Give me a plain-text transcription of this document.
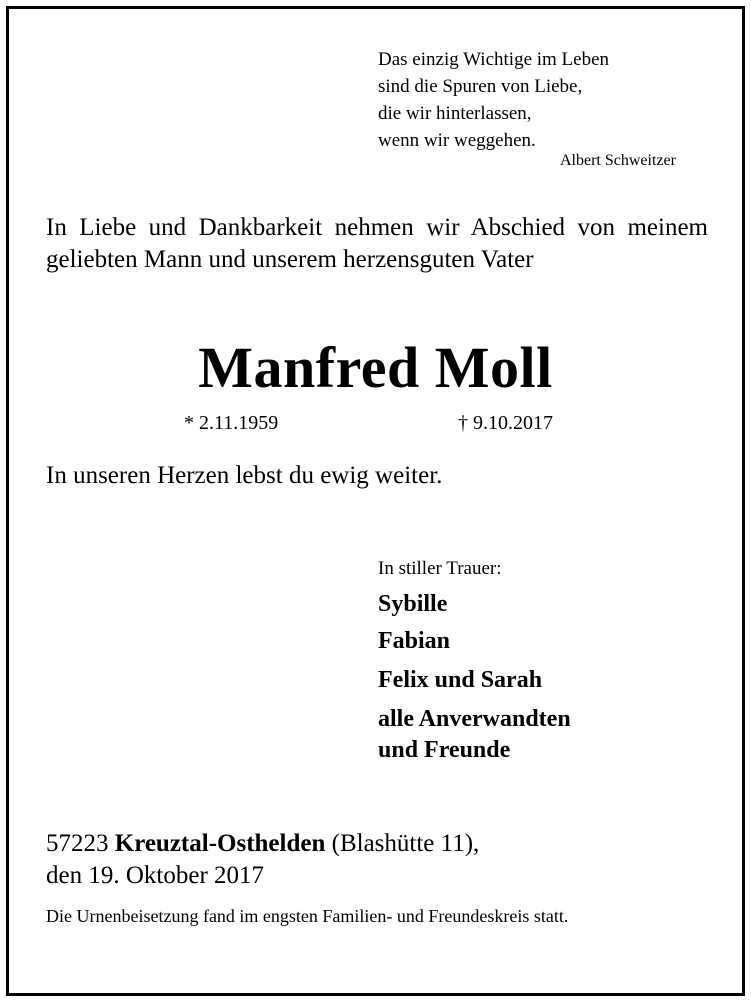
Das einzig Wichtige im Leben
sind die Spuren von Liebe,
die wir hinterlassen,
wenn wir weggehen.
Albert Schweitzer
In Liebe und Dankbarkeit nehmen wir Abschied von meinem geliebten Mann und unserem herzensguten Vater
Manfred Moll
* 2.11.1959	† 9.10.2017
In unseren Herzen lebst du ewig weiter.
In stiller Trauer:
Sybille
Fabian
Felix und Sarah
alle Anverwandten
und Freunde
57223 Kreuztal-Osthelden (Blashütte 11),
den 19. Oktober 2017
Die Urnenbeisetzung fand im engsten Familien- und Freundeskreis statt.
